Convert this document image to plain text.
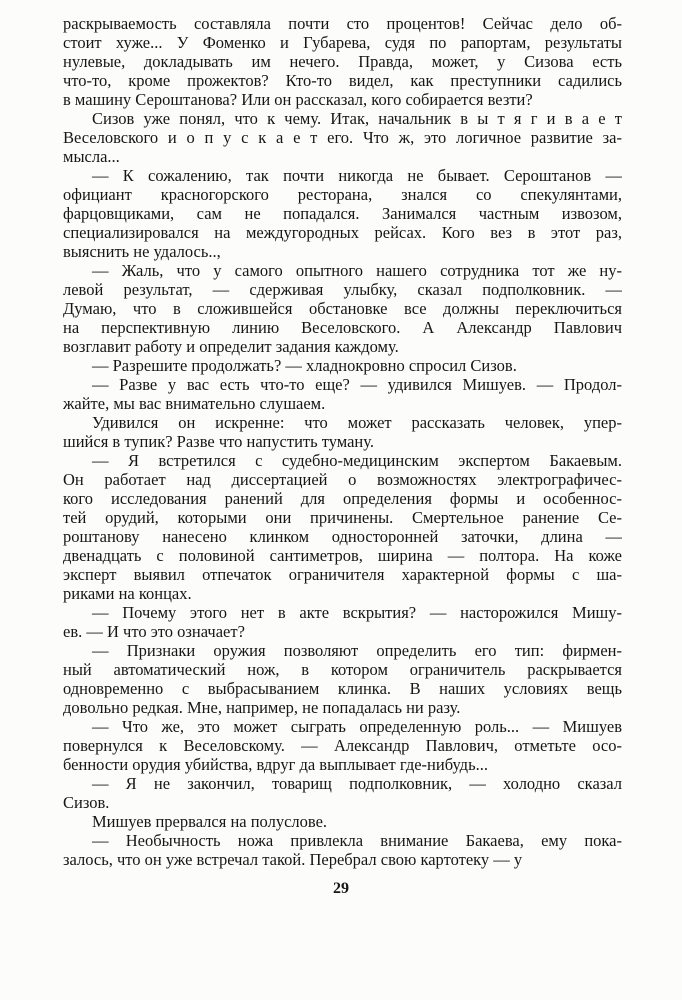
раскрываемость составляла почти сто процентов! Сейчас дело об-
стоит хуже... У Фоменко и Губарева, судя по рапортам, результаты
нулевые, докладывать им нечего. Правда, может, у Сизова есть
что-то, кроме прожектов? Кто-то видел, как преступники садились
в машину Сероштанова? Или он рассказал, кого собирается везти?
Сизов уже понял, что к чему. Итак, начальник в ы т я г и в а е т
Веселовского и о п у с к а е т его. Что ж, это логичное развитие за-
мысла...
— К сожалению, так почти никогда не бывает. Сероштанов —
официант красногорского ресторана, знался со спекулянтами,
фарцовщиками, сам не попадался. Занимался частным извозом,
специализировался на междугородных рейсах. Кого вез в этот раз,
выяснить не удалось..,
— Жаль, что у самого опытного нашего сотрудника тот же ну-
левой результат, — сдерживая улыбку, сказал подполковник. —
Думаю, что в сложившейся обстановке все должны переключиться
на перспективную линию Веселовского. А Александр Павлович
возглавит работу и определит задания каждому.
— Разрешите продолжать? — хладнокровно спросил Сизов.
— Разве у вас есть что-то еще? — удивился Мишуев. — Продол-
жайте, мы вас внимательно слушаем.
Удивился он искренне: что может рассказать человек, упер-
шийся в тупик? Разве что напустить туману.
— Я встретился с судебно-медицинским экспертом Бакаевым.
Он работает над диссертацией о возможностях электрографичес-
кого исследования ранений для определения формы и особеннос-
тей орудий, которыми они причинены. Смертельное ранение Се-
роштанову нанесено клинком односторонней заточки, длина —
двенадцать с половиной сантиметров, ширина — полтора. На коже
эксперт выявил отпечаток ограничителя характерной формы с ша-
риками на концах.
— Почему этого нет в акте вскрытия? — насторожился Мишу-
ев. — И что это означает?
— Признаки оружия позволяют определить его тип: фирмен-
ный автоматический нож, в котором ограничитель раскрывается
одновременно с выбрасыванием клинка. В наших условиях вещь
довольно редкая. Мне, например, не попадалась ни разу.
— Что же, это может сыграть определенную роль... — Мишуев
повернулся к Веселовскому. — Александр Павлович, отметьте осо-
бенности орудия убийства, вдруг да выплывает где-нибудь...
— Я не закончил, товарищ подполковник, — холодно сказал
Сизов.
Мишуев прервался на полуслове.
— Необычность ножа привлекла внимание Бакаева, ему пока-
залось, что он уже встречал такой. Перебрал свою картотеку — у
29
